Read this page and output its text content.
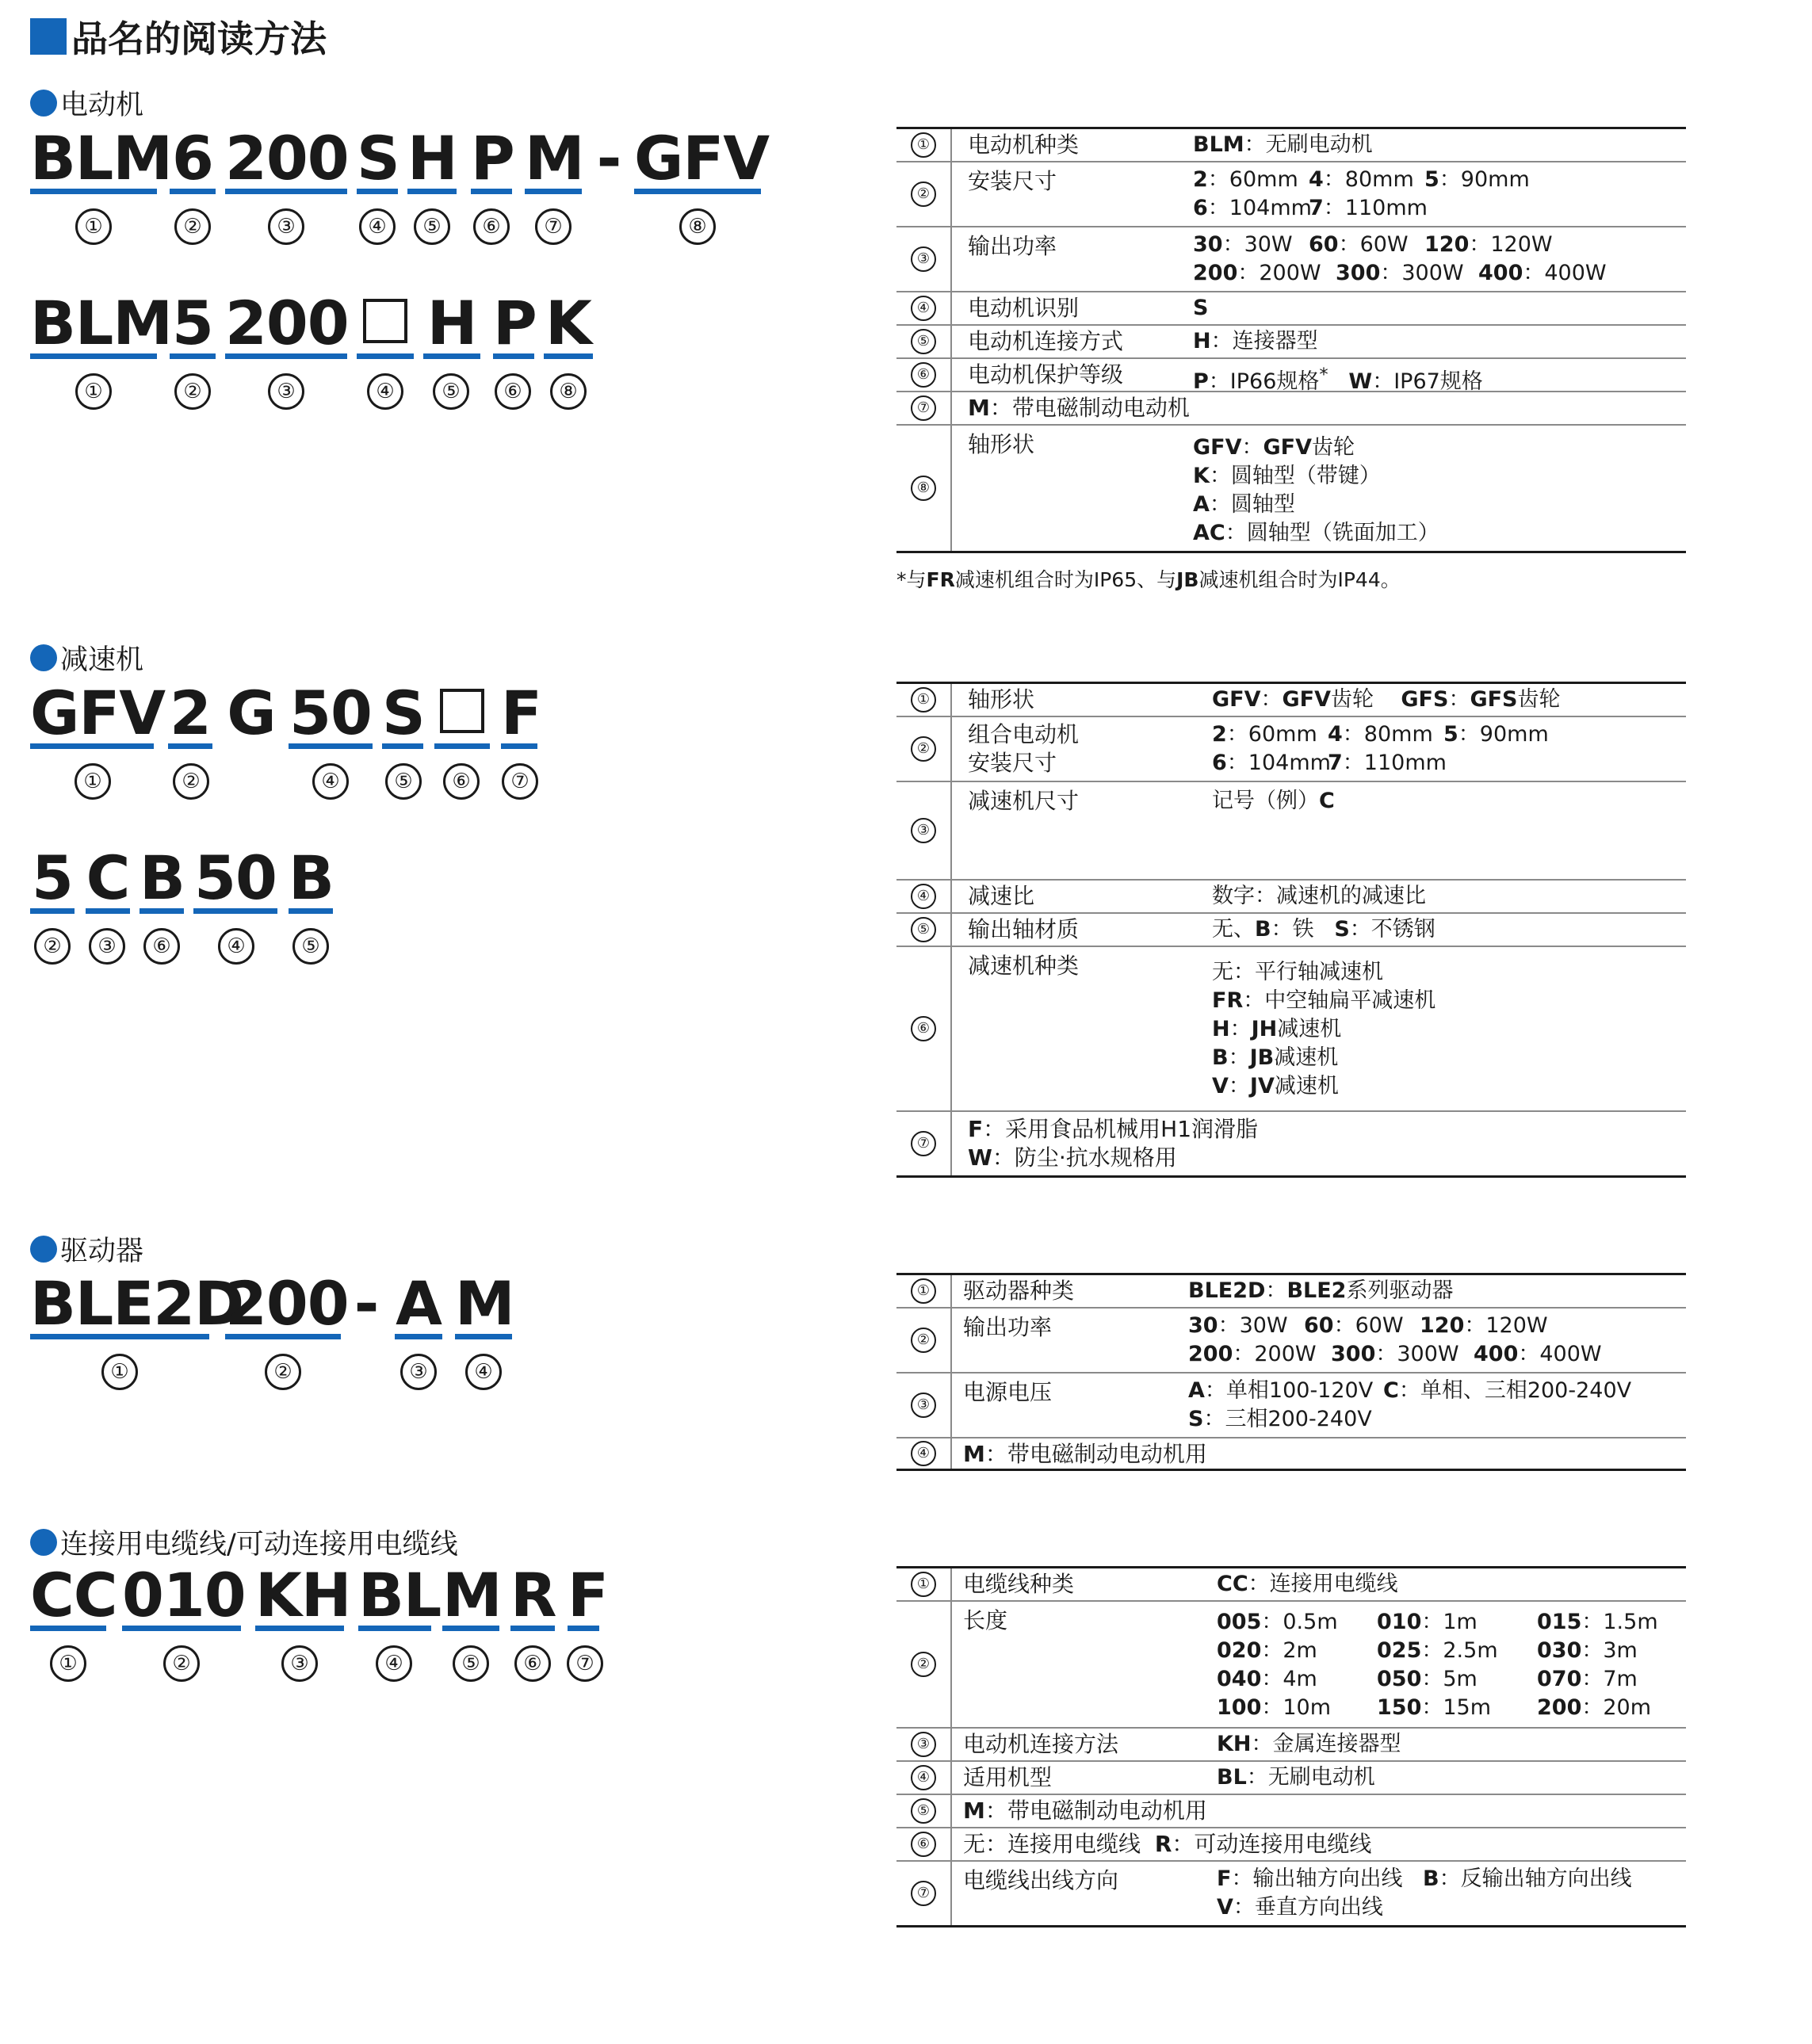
品名的阅读方法
电动机
BLM 6 200 S H P M - GFV
①	②	③	④	⑤	⑥	⑦	⑧
BLM 5 200 H P K
①	②	③	④	⑤	⑥	⑧
① 电动机种类	BLM：无刷电动机
② 安装尺寸	2：60mm 4：80mm 5：90mm
6：104mm
7：110mm
③ 输出功率	30：30W 60：60W 120：120W
200：200W 300：300W 400：400W
④ 电动机识别	S
⑤ 电动机连接方式	H：连接器型
⑥ 电动机保护等级	P：IP66规格* W：IP67规格
⑦ M：带电磁制动电动机
⑧
轴形状	GFV：GFV齿轮
K：圆轴型（带键）
A：圆轴型
AC：圆轴型（铣面加工）
*与FR减速机组合时为IP65、与JB减速机组合时为IP44。
减速机
GFV 2 G 50 S F
①	②	④	⑤	⑥	⑦
5 C B 50 B
②	③	⑥	④	⑤
① 轴形状	GFV：GFV齿轮 GFS：GFS齿轮
②
组合电动机
安装尺寸
2：60mm 4：80mm 5：90mm
6：104mm
7：110mm
③
减速机尺寸	记号（例）C
④ 减速比	数字：减速机的减速比
⑤ 输出轴材质	无、B：铁 S：不锈钢
⑥
减速机种类	无：平行轴减速机
FR：中空轴扁平减速机
H：JH减速机
B：JB减速机
V：JV减速机
⑦
F：采用食品机械用H1润滑脂
W：防尘·抗水规格用
驱动器
BLE2D
200 - A M
①	②	③	④
① 驱动器种类	BLE2D：BLE2系列驱动器
② 输出功率	30：30W 60：60W 120：120W
200：200W 300：300W 400：400W
③ 电源电压	A：单相100-120V C：单相、三相200-240V
S：三相200-240V
④ M：带电磁制动电动机用
连接用电缆线/可动连接用电缆线
CC 010 KH BL M R F
①	②	③	④	⑤	⑥	⑦
① 电缆线种类	CC：连接用电缆线
②
长度	005：0.5m 010：1m	015：1.5m
020：2m	025：2.5m 030：3m
040：4m	050：5m	070：7m
100：10m 150：15m 200：20m
③ 电动机连接方法	KH：金属连接器型
④ 适用机型	BL：无刷电动机
⑤ M：带电磁制动电动机用
⑥ 无：连接用电缆线 R：可动连接用电缆线
⑦ 电缆线出线方向	F：输出轴方向出线 B：反输出轴方向出线
V：垂直方向出线
